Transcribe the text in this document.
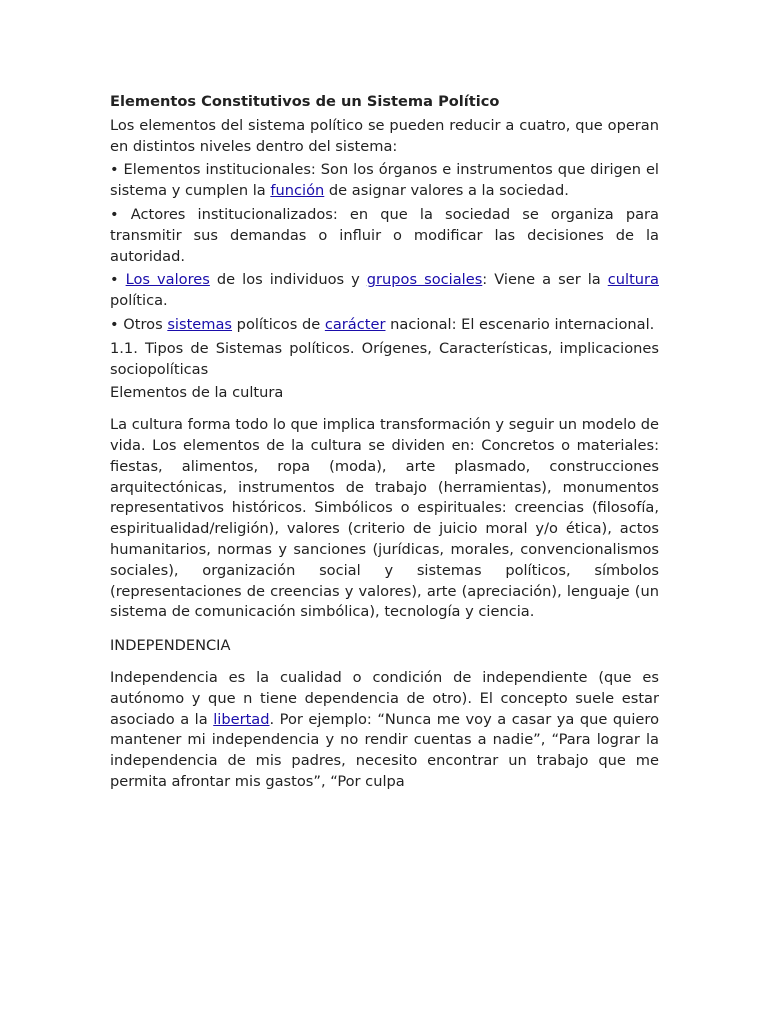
Elementos Constitutivos de un Sistema Político

Los elementos del sistema político se pueden reducir a cuatro, que operan en distintos niveles dentro del sistema:

• Elementos institucionales: Son los órganos e instrumentos que dirigen el sistema y cumplen la función de asignar valores a la sociedad.

• Actores institucionalizados: en que la sociedad se organiza para transmitir sus demandas o influir o modificar las decisiones de la autoridad.

• Los valores de los individuos y grupos sociales: Viene a ser la cultura política.

• Otros sistemas políticos de carácter nacional: El escenario internacional.

1.1. Tipos de Sistemas políticos. Orígenes, Características, implicaciones sociopolíticas

Elementos de la cultura

La cultura forma todo lo que implica transformación y seguir un modelo de vida. Los elementos de la cultura se dividen en: Concretos o materiales: fiestas, alimentos, ropa (moda), arte plasmado, construcciones arquitectónicas, instrumentos de trabajo (herramientas), monumentos representativos históricos. Simbólicos o espirituales: creencias (filosofía, espiritualidad/religión), valores (criterio de juicio moral y/o ética), actos humanitarios, normas y sanciones (jurídicas, morales, convencionalismos sociales), organización social y sistemas políticos, símbolos (representaciones de creencias y valores), arte (apreciación), lenguaje (un sistema de comunicación simbólica), tecnología y ciencia.

INDEPENDENCIA

Independencia es la cualidad o condición de independiente (que es autónomo y que n tiene dependencia de otro). El concepto suele estar asociado a la libertad. Por ejemplo: “Nunca me voy a casar ya que quiero mantener mi independencia y no rendir cuentas a nadie”, “Para lograr la independencia de mis padres, necesito encontrar un trabajo que me permita afrontar mis gastos”, “Por culpa
